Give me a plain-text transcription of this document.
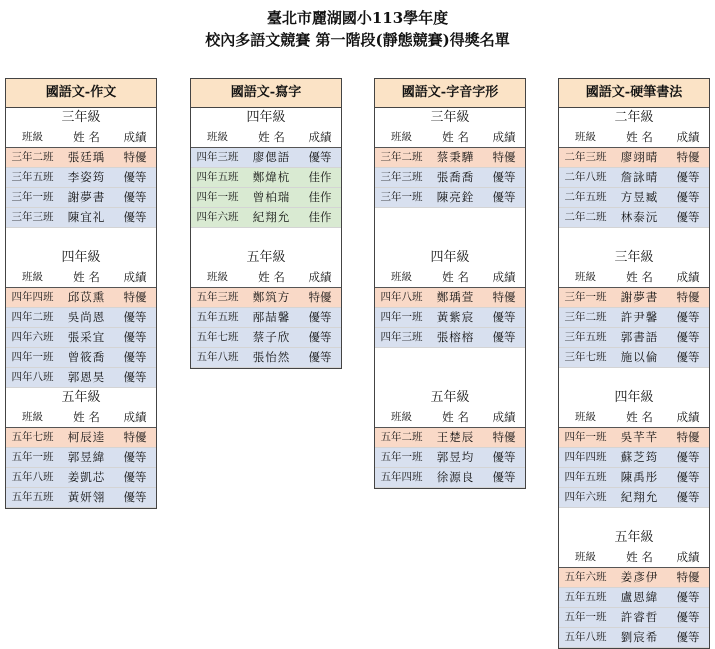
臺北市麗湖國小113學年度
校內多語文競賽 第一階段(靜態競賽)得獎名單
國語文-作文
三年級
班級	姓 名	成績
三年二班	張廷瑀	特優
三年五班	李姿筠	優等
三年一班	謝夢書	優等
三年三班	陳宜礼	優等
四年級
班級	姓 名	成績
四年四班	邱苡熏	特優
四年二班	吳尚恩	優等
四年六班	張采宜	優等
四年一班	曾筱喬	優等
四年八班	郭恩昊	優等
五年級
班級	姓 名	成績
五年七班	柯辰逵	特優
五年一班	郭昱緯	優等
五年八班	姜凱芯	優等
五年五班	黃妍翎	優等
國語文-寫字
四年級
班級	姓 名	成績
四年三班	廖偲語	優等
四年五班	鄭煒杭	佳作
四年一班	曾柏瑞	佳作
四年六班	紀翔允	佳作
五年級
班級	姓 名	成績
五年三班	鄭筑方	特優
五年五班	邴喆馨	優等
五年七班	蔡子欣	優等
五年八班	張怡然	優等
國語文-字音字形
三年級
班級	姓 名	成績
三年二班	蔡秉驊	特優
三年三班	張喬喬	優等
三年一班	陳亮銓	優等
四年級
班級	姓 名	成績
四年八班	鄭瑀萱	特優
四年一班	黃紫宸	優等
四年三班	張榕榕	優等
五年級
班級	姓 名	成績
五年二班	王楚辰	特優
五年一班	郭昱均	優等
五年四班	徐源良	優等
國語文-硬筆書法
二年級
班級	姓 名	成績
二年三班	廖翊晴	特優
二年八班	詹詠晴	優等
二年五班	方昱臧	優等
二年二班	林泰沅	優等
三年級
班級	姓 名	成績
三年一班	謝夢書	特優
三年二班	許尹馨	優等
三年五班	郭書語	優等
三年七班	施以倫	優等
四年級
班級	姓 名	成績
四年一班	吳芊芊	特優
四年四班	蘇芝筠	優等
四年五班	陳禹彤	優等
四年六班	紀翔允	優等
五年級
班級	姓 名	成績
五年六班	姜彥伊	特優
五年五班	盧恩緯	優等
五年一班	許睿哲	優等
五年八班	劉宸希	優等
